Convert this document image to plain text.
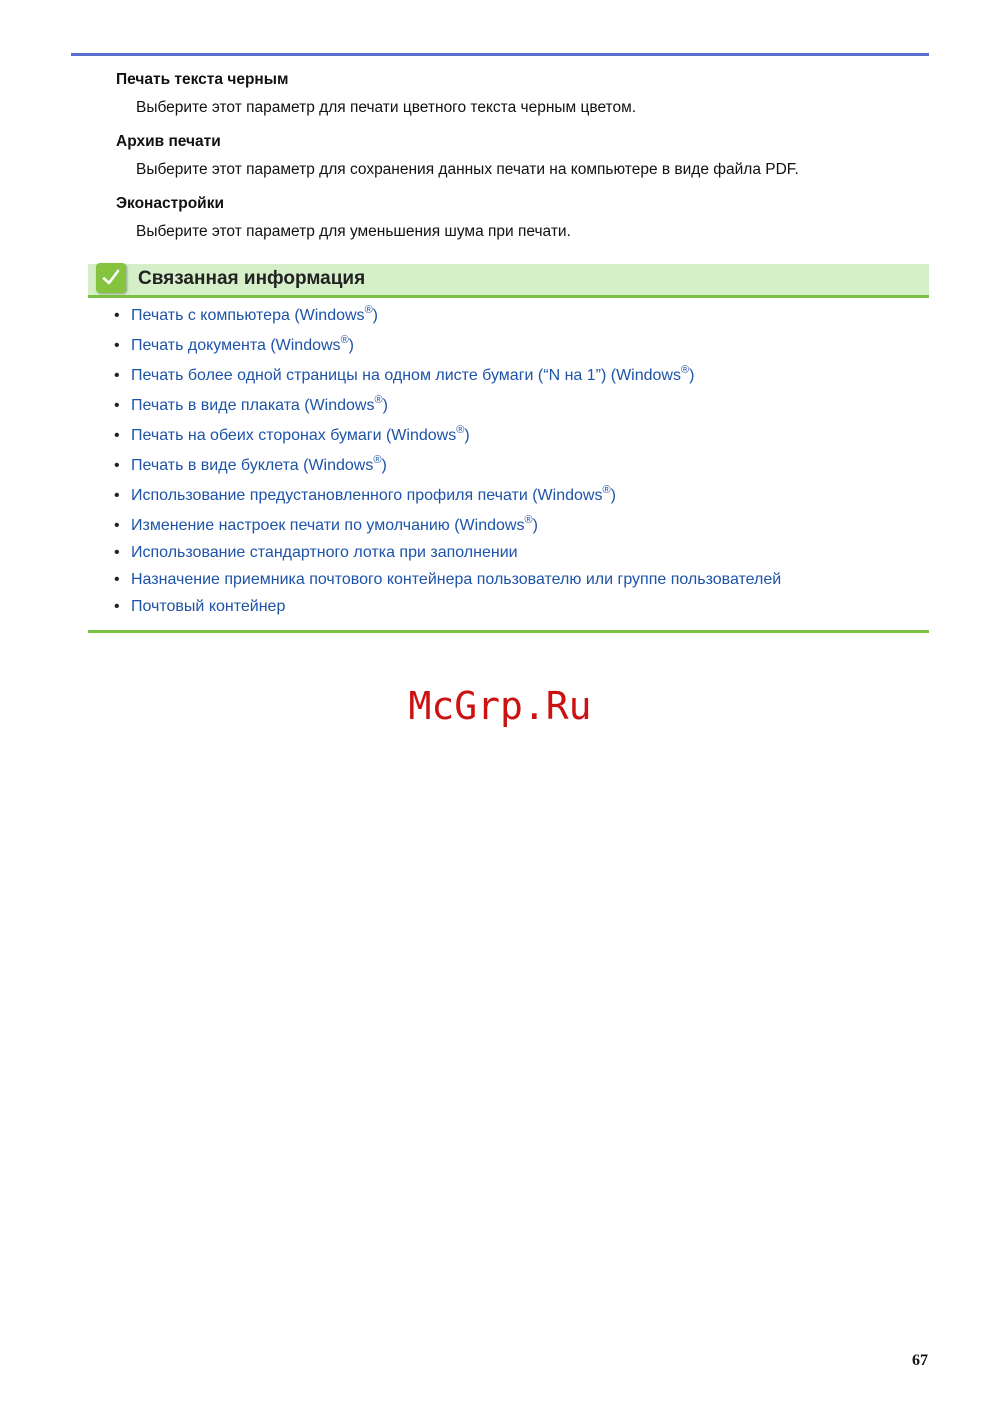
Печать текста черным

Выберите этот параметр для печати цветного текста черным цветом.

Архив печати

Выберите этот параметр для сохранения данных печати на компьютере в виде файла PDF.

Эконастройки

Выберите этот параметр для уменьшения шума при печати.

Связанная информация
• Печать с компьютера (Windows®)
• Печать документа (Windows®)
• Печать более одной страницы на одном листе бумаги (“N на 1”) (Windows®)
• Печать в виде плаката (Windows®)
• Печать на обеих сторонах бумаги (Windows®)
• Печать в виде буклета (Windows®)
• Использование предустановленного профиля печати (Windows®)
• Изменение настроек печати по умолчанию (Windows®)
• Использование стандартного лотка при заполнении
• Назначение приемника почтового контейнера пользователю или группе пользователей
• Почтовый контейнер
McGrp.Ru
67
